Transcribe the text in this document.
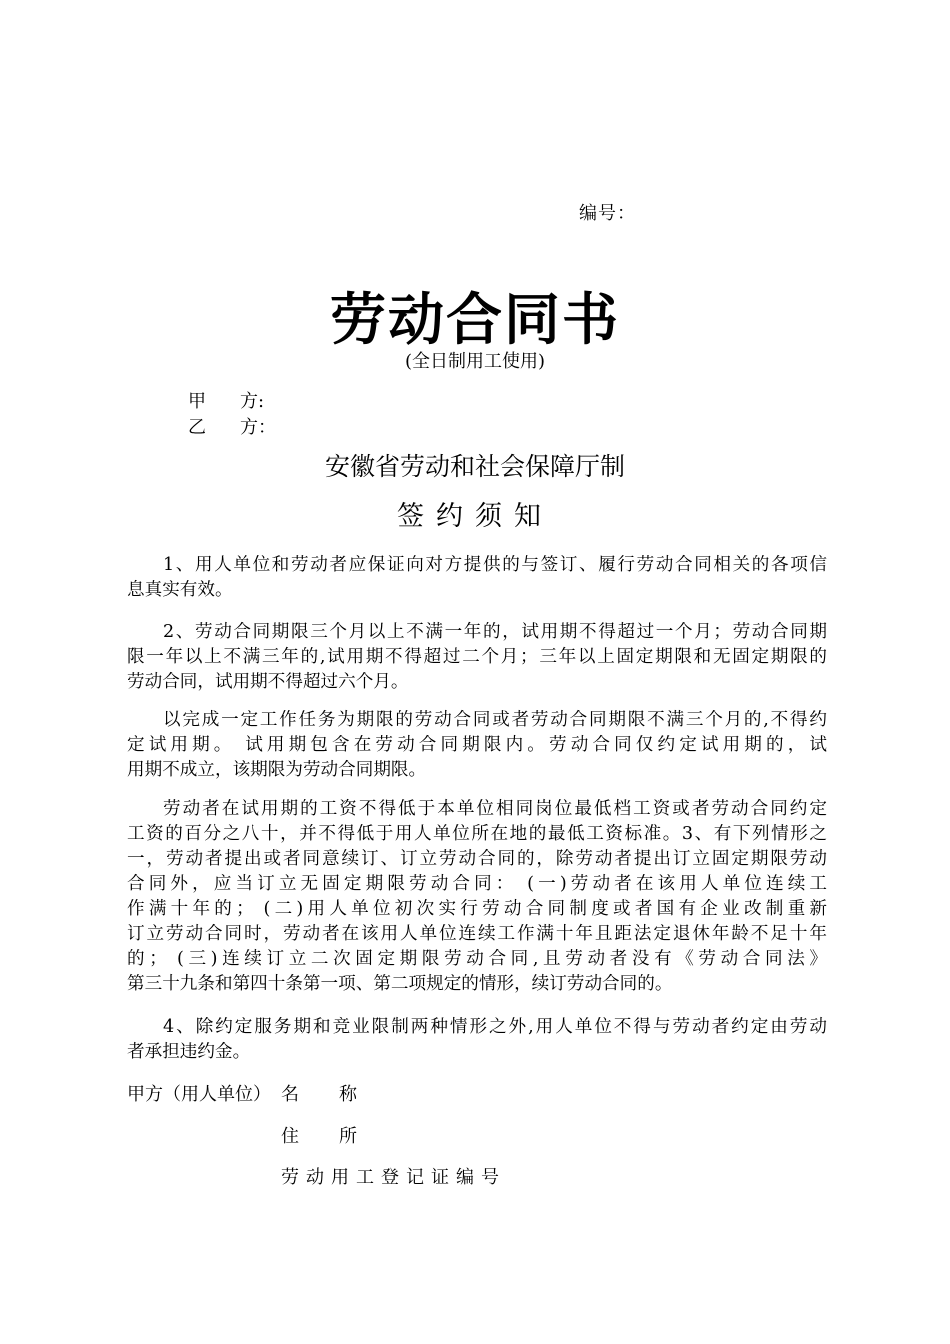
编号：
劳动合同书
(全日制用工使用)
甲 方:
乙 方：
安徽省劳动和社会保障厅制
签约须知
1、用人单位和劳动者应保证向对方提供的与签订、履行劳动合同相关的各项信
息真实有效。
2、劳动合同期限三个月以上不满一年的，试用期不得超过一个月；劳动合同期
限一年以上不满三年的,试用期不得超过二个月；三年以上固定期限和无固定期限的
劳动合同，试用期不得超过六个月。
以完成一定工作任务为期限的劳动合同或者劳动合同期限不满三个月的,不得约
定试用期。 试用期包含在劳动合同期限内。劳动合同仅约定试用期的，试
用期不成立，该期限为劳动合同期限。
劳动者在试用期的工资不得低于本单位相同岗位最低档工资或者劳动合同约定
工资的百分之八十，并不得低于用人单位所在地的最低工资标准。3、有下列情形之
一，劳动者提出或者同意续订、订立劳动合同的，除劳动者提出订立固定期限劳动
合同外，应当订立无固定期限劳动合同： (一)劳动者在该用人单位连续工
作满十年的； (二)用人单位初次实行劳动合同制度或者国有企业改制重新
订立劳动合同时，劳动者在该用人单位连续工作满十年且距法定退休年龄不足十年
的； (三)连续订立二次固定期限劳动合同,且劳动者没有《劳动合同法》
第三十九条和第四十条第一项、第二项规定的情形，续订劳动合同的。
4、除约定服务期和竞业限制两种情形之外,用人单位不得与劳动者约定由劳动
者承担违约金。
甲方（用人单位） 名 称
住 所
劳动用工登记证编号
